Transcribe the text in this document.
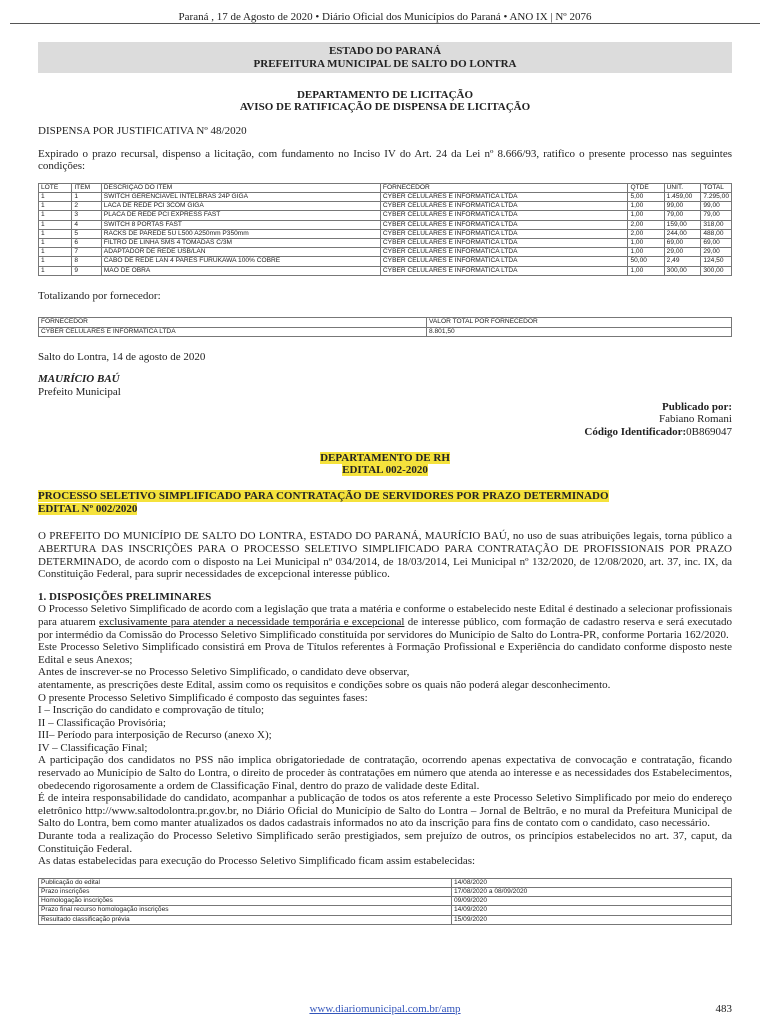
Paraná , 17 de Agosto de 2020 • Diário Oficial dos Municípios do Paraná • ANO IX | Nº 2076
ESTADO DO PARANÁ
PREFEITURA MUNICIPAL DE SALTO DO LONTRA
DEPARTAMENTO DE LICITAÇÃO
AVISO DE RATIFICAÇÃO DE DISPENSA DE LICITAÇÃO

DISPENSA POR JUSTIFICATIVA Nº 48/2020

Expirado o prazo recursal, dispenso a licitação, com fundamento no Inciso IV do Art. 24 da Lei nº 8.666/93, ratifico o presente processo nas seguintes condições:

LOTE	ITEM	DESCRIÇÃO DO ITEM	FORNECEDOR	QTDE	UNIT.	TOTAL
1	1	SWITCH GERENCIAVEL INTELBRAS 24P GIGA	CYBER CELULARES E INFORMATICA LTDA	5,00	1.459,00	7.295,00
1	2	LACA DE REDE PCI 3COM GIGA	CYBER CELULARES E INFORMATICA LTDA	1,00	99,00	99,00
1	3	PLACA DE REDE PCI EXPRESS FAST	CYBER CELULARES E INFORMATICA LTDA	1,00	79,00	79,00
1	4	SWITCH 8 PORTAS FAST	CYBER CELULARES E INFORMATICA LTDA	2,00	159,00	318,00
1	5	RACKS DE PAREDE 5U L500 A250mm P350mm	CYBER CELULARES E INFORMATICA LTDA	2,00	244,00	488,00
1	6	FILTRO DE LINHA SMS 4 TOMADAS C/3M	CYBER CELULARES E INFORMATICA LTDA	1,00	69,00	69,00
1	7	ADAPTADOR DE REDE USB/LAN	CYBER CELULARES E INFORMATICA LTDA	1,00	29,00	29,00
1	8	CABO DE REDE LAN 4 PARES FURUKAWA 100% COBRE	CYBER CELULARES E INFORMATICA LTDA	50,00	2,49	124,50
1	9	MÃO DE OBRA	CYBER CELULARES E INFORMATICA LTDA	1,00	300,00	300,00

Totalizando por fornecedor:

FORNECEDOR	VALOR TOTAL POR FORNECEDOR
CYBER CELULARES E INFORMATICA LTDA	8.801,50

Salto do Lontra, 14 de agosto de 2020

MAURÍCIO BAÚ

Prefeito Municipal

Publicado por:
Fabiano Romani
Código Identificador:0B869047
DEPARTAMENTO DE RH
EDITAL 002-2020
PROCESSO SELETIVO SIMPLIFICADO PARA CONTRATAÇÃO DE SERVIDORES POR PRAZO DETERMINADO
EDITAL Nº 002/2020

O PREFEITO DO MUNICÍPIO DE SALTO DO LONTRA, ESTADO DO PARANÁ, MAURÍCIO BAÚ, no uso de suas atribuições legais, torna público a ABERTURA DAS INSCRIÇÕES PARA O PROCESSO SELETIVO SIMPLIFICADO PARA CONTRATAÇÃO DE PROFISSIONAIS POR PRAZO DETERMINADO, de acordo com o disposto na Lei Municipal nº 034/2014, de 18/03/2014, Lei Municipal nº 132/2020, de 12/08/2020, art. 37, inc. IX, da Constituição Federal, para suprir necessidades de excepcional interesse público.

1. DISPOSIÇÕES PRELIMINARES

O Processo Seletivo Simplificado de acordo com a legislação que trata a matéria e conforme o estabelecido neste Edital é destinado a selecionar profissionais para atuarem exclusivamente para atender a necessidade temporária e excepcional de interesse público, com formação de cadastro reserva e será executado por intermédio da Comissão do Processo Seletivo Simplificado constituída por servidores do Município de Salto do Lontra-PR, conforme Portaria 162/2020.

Este Processo Seletivo Simplificado consistirá em Prova de Títulos referentes à Formação Profissional e Experiência do candidato conforme disposto neste Edital e seus Anexos;

Antes de inscrever-se no Processo Seletivo Simplificado, o candidato deve observar,

atentamente, as prescrições deste Edital, assim como os requisitos e condições sobre os quais não poderá alegar desconhecimento.

O presente Processo Seletivo Simplificado é composto das seguintes fases:

I – Inscrição do candidato e comprovação de título;

II – Classificação Provisória;

III– Período para interposição de Recurso (anexo X);

IV – Classificação Final;

A participação dos candidatos no PSS não implica obrigatoriedade de contratação, ocorrendo apenas expectativa de convocação e contratação, ficando reservado ao Município de Salto do Lontra, o direito de proceder às contratações em número que atenda ao interesse e as necessidades dos Estabelecimentos, obedecendo rigorosamente a ordem de Classificação Final, dentro do prazo de validade deste Edital.

É de inteira responsabilidade do candidato, acompanhar a publicação de todos os atos referente a este Processo Seletivo Simplificado por meio do endereço eletrônico http://www.saltodolontra.pr.gov.br, no Diário Oficial do Município de Salto do Lontra – Jornal de Beltrão, e no mural da Prefeitura Municipal de Salto do Lontra, bem como manter atualizados os dados cadastrais informados no ato da inscrição para fins de contato com o candidato, caso necessário.

Durante toda a realização do Processo Seletivo Simplificado serão prestigiados, sem prejuízo de outros, os princípios estabelecidos no art. 37, caput, da Constituição Federal.

As datas estabelecidas para execução do Processo Seletivo Simplificado ficam assim estabelecidas:

Publicação do edital	14/08/2020
Prazo inscrições	17/08/2020 a 08/09/2020
Homologação inscrições	09/09/2020
Prazo final recurso homologação inscrições	14/09/2020
Resultado classificação prévia	15/09/2020
www.diariomunicipal.com.br/amp	483
